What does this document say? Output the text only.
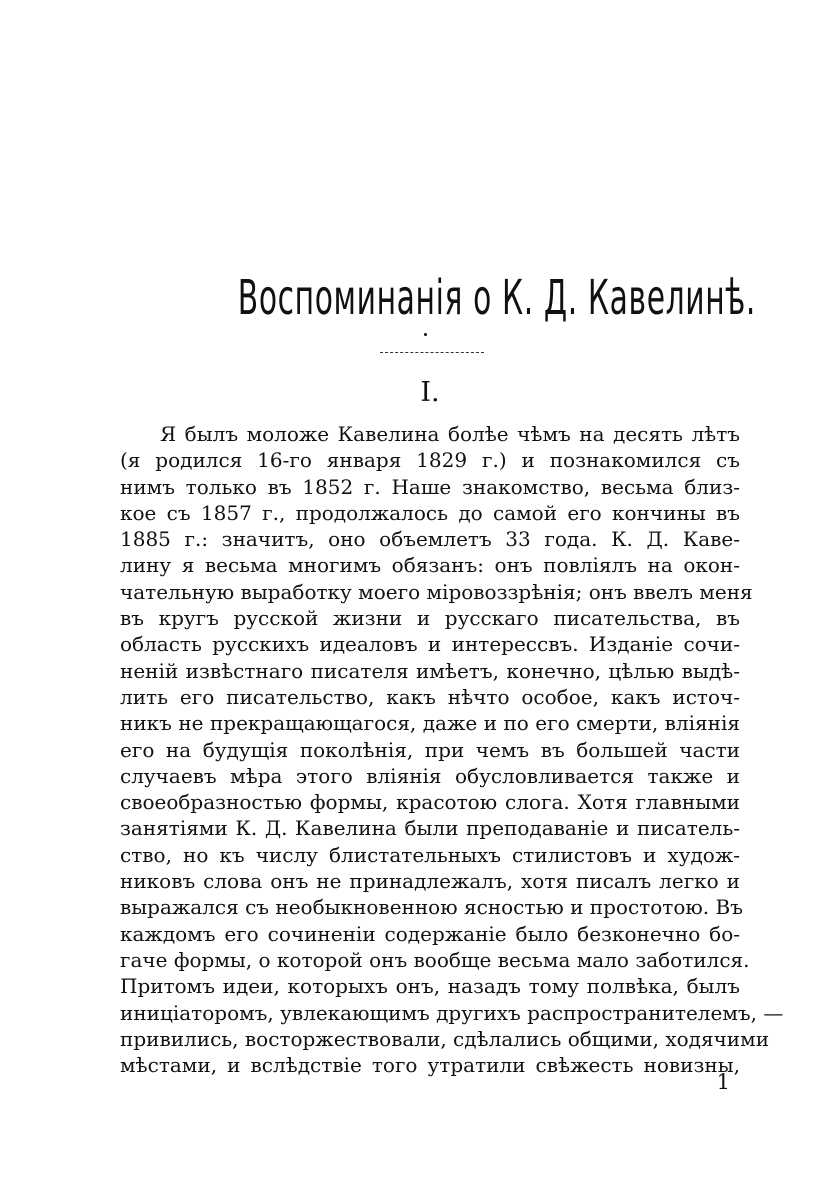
Воспоминанія о К. Д. Кавелинѣ.
I.
Я былъ моложе Кавелина болѣе чѣмъ на десять лѣтъ
(я родился 16-го января 1829 г.) и познакомился съ
нимъ только въ 1852 г. Наше знакомство, весьма близ-
кое съ 1857 г., продолжалось до самой его кончины въ
1885 г.: значитъ, оно объемлетъ 33 года. К. Д. Каве-
лину я весьма многимъ обязанъ: онъ повліялъ на окон-
чательную выработку моего міровоззрѣнія; онъ ввелъ меня
въ кругъ русской жизни и русскаго писательства, въ
область русскихъ идеаловъ и интерессвъ. Изданіе сочи-
неній извѣстнаго писателя имѣетъ, конечно, цѣлью выдѣ-
лить его писательство, какъ нѣчто особое, какъ источ-
никъ не прекращающагося, даже и по его смерти, вліянія
его на будущія поколѣнія, при чемъ въ большей части
случаевъ мѣра этого вліянія обусловливается также и
своеобразностью формы, красотою слога. Хотя главными
занятіями К. Д. Кавелина были преподаваніе и писатель-
ство, но къ числу блистательныхъ стилистовъ и худож-
никовъ слова онъ не принадлежалъ, хотя писалъ легко и
выражался съ необыкновенною ясностью и простотою. Въ
каждомъ его сочиненіи содержаніе было безконечно бо-
гаче формы, о которой онъ вообще весьма мало заботился.
Притомъ идеи, которыхъ онъ, назадъ тому полвѣка, былъ
иниціаторомъ, увлекающимъ другихъ распространителемъ, —
привились, восторжествовали, сдѣлались общими, ходячими
мѣстами, и вслѣдствіе того утратили свѣжесть новизны,
1
